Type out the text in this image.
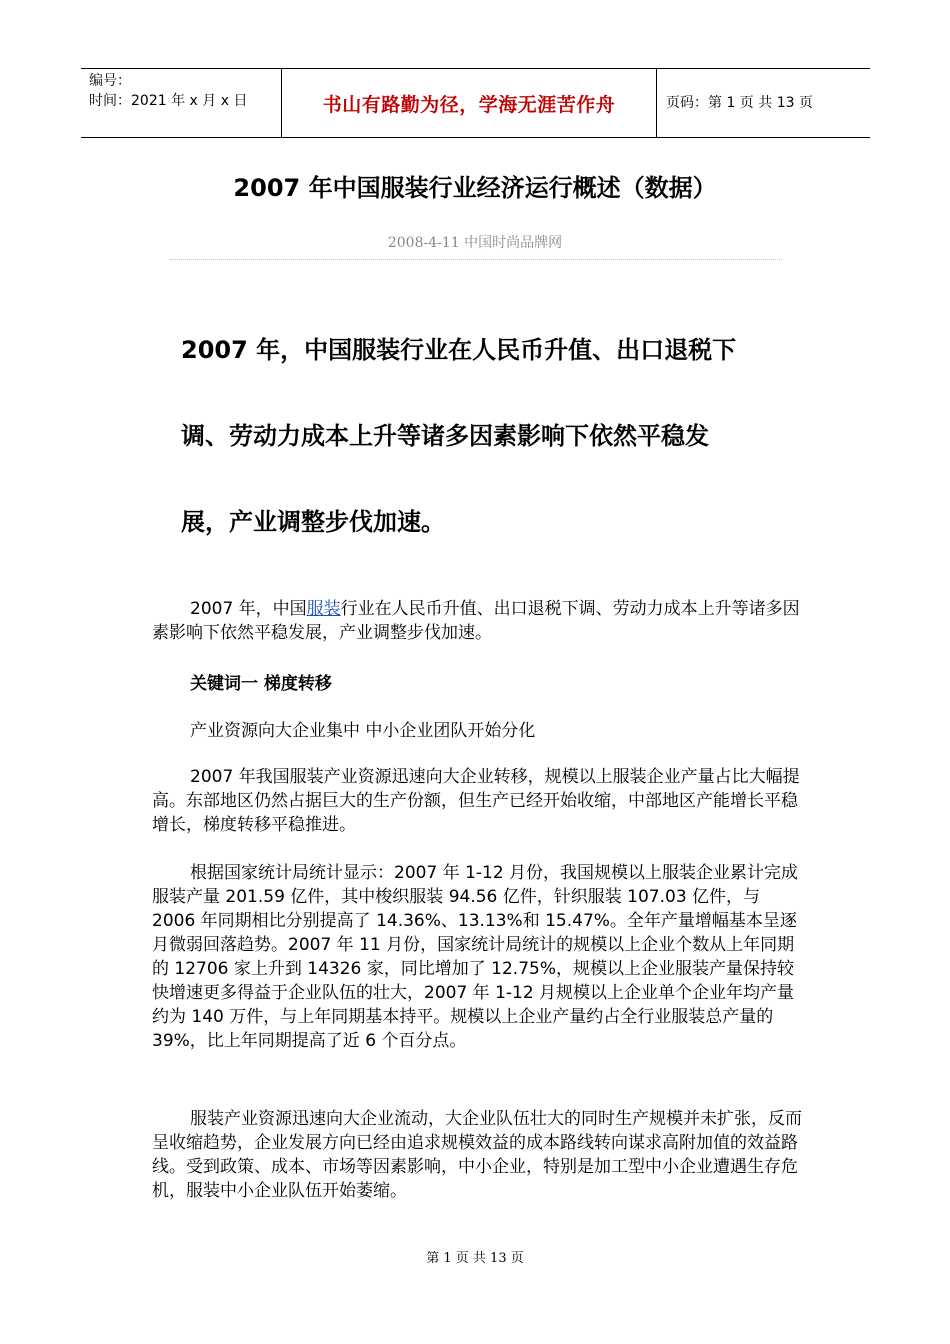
编号：
时间：2021 年 x 月 x 日	书山有路勤为径，学海无涯苦作舟	页码：第 1 页 共 13 页
2007 年中国服装行业经济运行概述（数据）
2008-4-11 中国时尚品牌网
2007 年，中国服装行业在人民币升值、出口退税下
调、劳动力成本上升等诸多因素影响下依然平稳发
展，产业调整步伐加速。

2007 年，中国服装行业在人民币升值、出口退税下调、劳动力成本上升等诸多因素影响下依然平稳发展，产业调整步伐加速。

关键词一 梯度转移
产业资源向大企业集中 中小企业团队开始分化

2007 年我国服装产业资源迅速向大企业转移，规模以上服装企业产量占比大幅提高。东部地区仍然占据巨大的生产份额，但生产已经开始收缩，中部地区产能增长平稳增长，梯度转移平稳推进。

根据国家统计局统计显示：2007 年 1-12 月份，我国规模以上服装企业累计完成服装产量 201.59 亿件，其中梭织服装 94.56 亿件，针织服装 107.03 亿件，与 2006 年同期相比分别提高了 14.36%、13.13%和 15.47%。全年产量增幅基本呈逐月微弱回落趋势。2007 年 11 月份，国家统计局统计的规模以上企业个数从上年同期的 12706 家上升到 14326 家，同比增加了 12.75%，规模以上企业服装产量保持较快增速更多得益于企业队伍的壮大，2007 年 1-12 月规模以上企业单个企业年均产量约为 140 万件，与上年同期基本持平。规模以上企业产量约占全行业服装总产量的 39%，比上年同期提高了近 6 个百分点。

服装产业资源迅速向大企业流动，大企业队伍壮大的同时生产规模并未扩张，反而呈收缩趋势，企业发展方向已经由追求规模效益的成本路线转向谋求高附加值的效益路线。受到政策、成本、市场等因素影响，中小企业，特别是加工型中小企业遭遇生存危机，服装中小企业队伍开始萎缩。

第 1 页 共 13 页
